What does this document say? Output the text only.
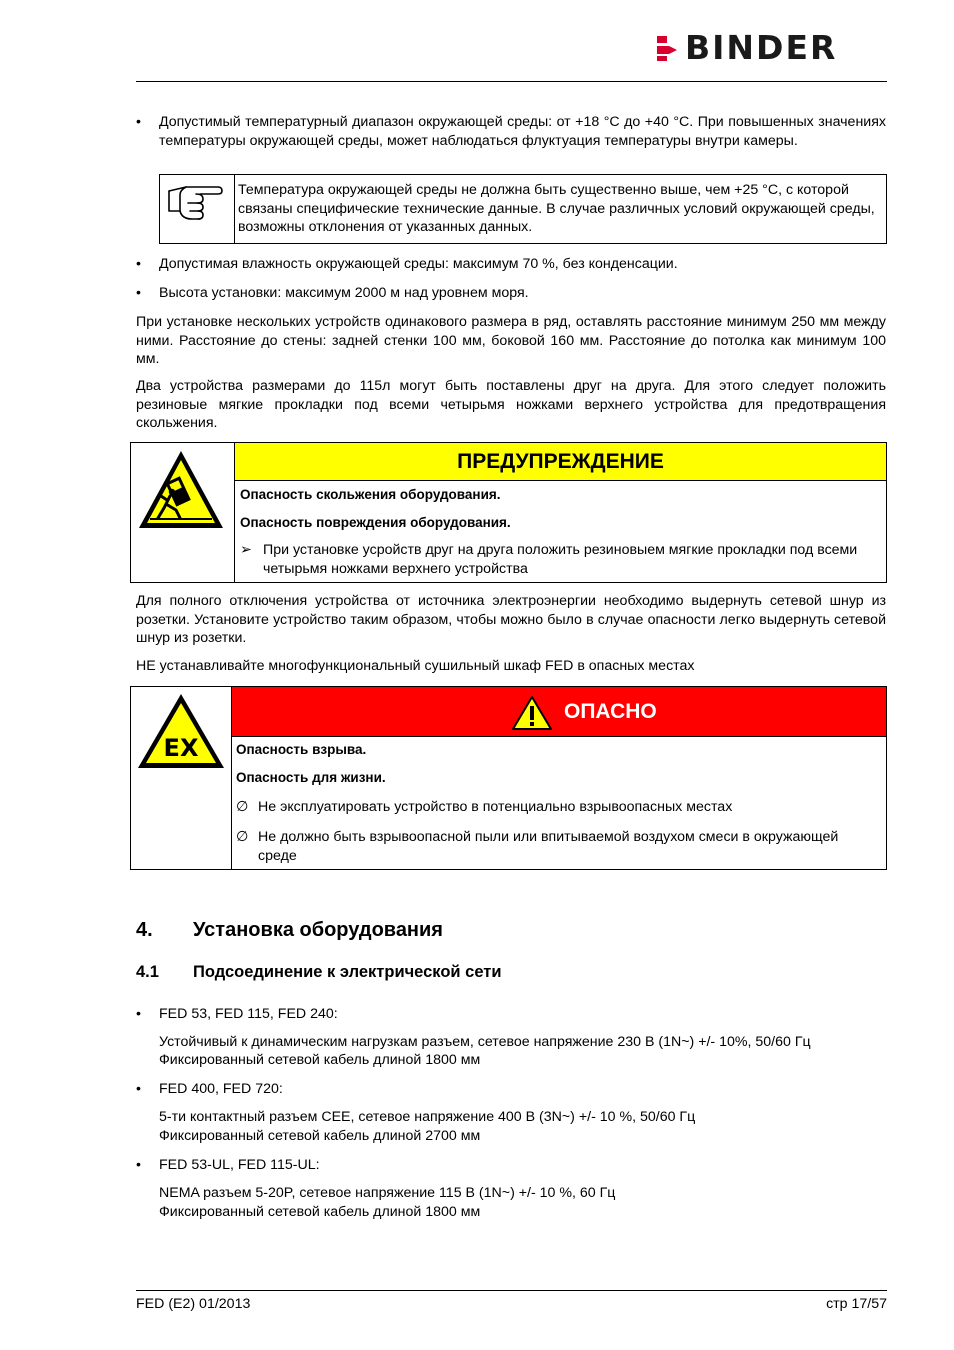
BINDER
•	Допустимый температурный диапазон окружающей среды: от +18 °C до +40 °C. При повышенных значениях температуры окружающей среды, может наблюдаться флуктуация температуры внутри камеры.
Температура окружающей среды не должна быть существенно выше, чем +25 °C, с которой связаны специфические технические данные. В случае различных условий окружающей среды, возможны отклонения от указанных данных.
•	Допустимая влажность окружающей среды: максимум 70 %, без конденсации.
•	Высота установки: максимум 2000 м над уровнем моря.
При установке нескольких устройств одинакового размера в ряд, оставлять расстояние минимум 250 мм между ними. Расстояние до стены: задней стенки 100 мм, боковой 160 мм. Расстояние до потолка как минимум 100 мм.
Два устройства размерами до 115л могут быть поставлены друг на друга. Для этого следует положить резиновые мягкие прокладки под всеми четырьмя ножками верхнего устройства для предотвращения скольжения.
ПРЕДУПРЕЖДЕНИЕ
Опасность скольжения оборудования.
Опасность повреждения оборудования.
➢ При установке усройств друг на друга положить резиновыем мягкие прокладки под всеми четырьмя ножками верхнего устройства
Для полного отключения устройства от источника электроэнергии необходимо выдернуть сетевой шнур из розетки. Установите устройство таким образом, чтобы можно было в случае опасности легко выдернуть сетевой шнур из розетки.
НЕ устанавливайте многофункциональный сушильный шкаф FED в опасных местах
EX
ОПАСНО
Опасность взрыва.
Опасность для жизни.
∅ Не эксплуатировать устройство в потенциально взрывоопасных местах
∅ Не должно быть взрывоопасной пыли или впитываемой воздухом смеси в окружающей среде
4. Установка оборудования
4.1 Подсоединение к электрической сети
•	FED 53, FED 115, FED 240:
Устойчивый к динамическим нагрузкам разъем, сетевое напряжение 230 В (1N~) +/- 10%, 50/60 Гц
Фиксированный сетевой кабель длиной 1800 мм
•	FED 400, FED 720:
5-ти контактный разъем CEE, сетевое напряжение 400 В (3N~) +/- 10 %, 50/60 Гц
Фиксированный сетевой кабель длиной 2700 мм
•	FED 53-UL, FED 115-UL:
NEMA разъем 5-20P, сетевое напряжение 115 В (1N~) +/- 10 %, 60 Гц
Фиксированный сетевой кабель длиной 1800 мм
FED (E2) 01/2013	стр 17/57
